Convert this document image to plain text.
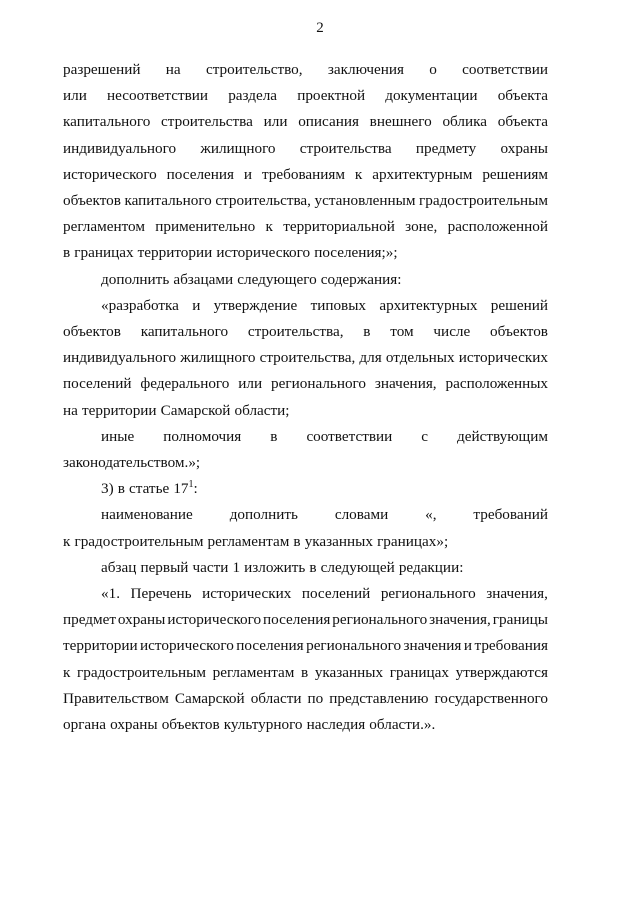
2
разрешений на строительство, заключения о соответствии
или несоответствии раздела проектной документации объекта
капитального строительства или описания внешнего облика объекта
индивидуального жилищного строительства предмету охраны
исторического поселения и требованиям к архитектурным решениям
объектов капитального строительства, установленным градостроительным
регламентом применительно к территориальной зоне, расположенной
в границах территории исторического поселения;»;
дополнить абзацами следующего содержания:
«разработка и утверждение типовых архитектурных решений
объектов капитального строительства, в том числе объектов
индивидуального жилищного строительства, для отдельных исторических
поселений федерального или регионального значения, расположенных
на территории Самарской области;
иные полномочия в соответствии с действующим
законодательством.»;
3) в статье $17^1$:
наименование дополнить словами «, требований
к градостроительным регламентам в указанных границах»;
абзац первый части 1 изложить в следующей редакции:
«1. Перечень исторических поселений регионального значения,
предмет охраны исторического поселения регионального значения, границы
территории исторического поселения регионального значения и требования
к градостроительным регламентам в указанных границах утверждаются
Правительством Самарской области по представлению государственного
органа охраны объектов культурного наследия области.».
